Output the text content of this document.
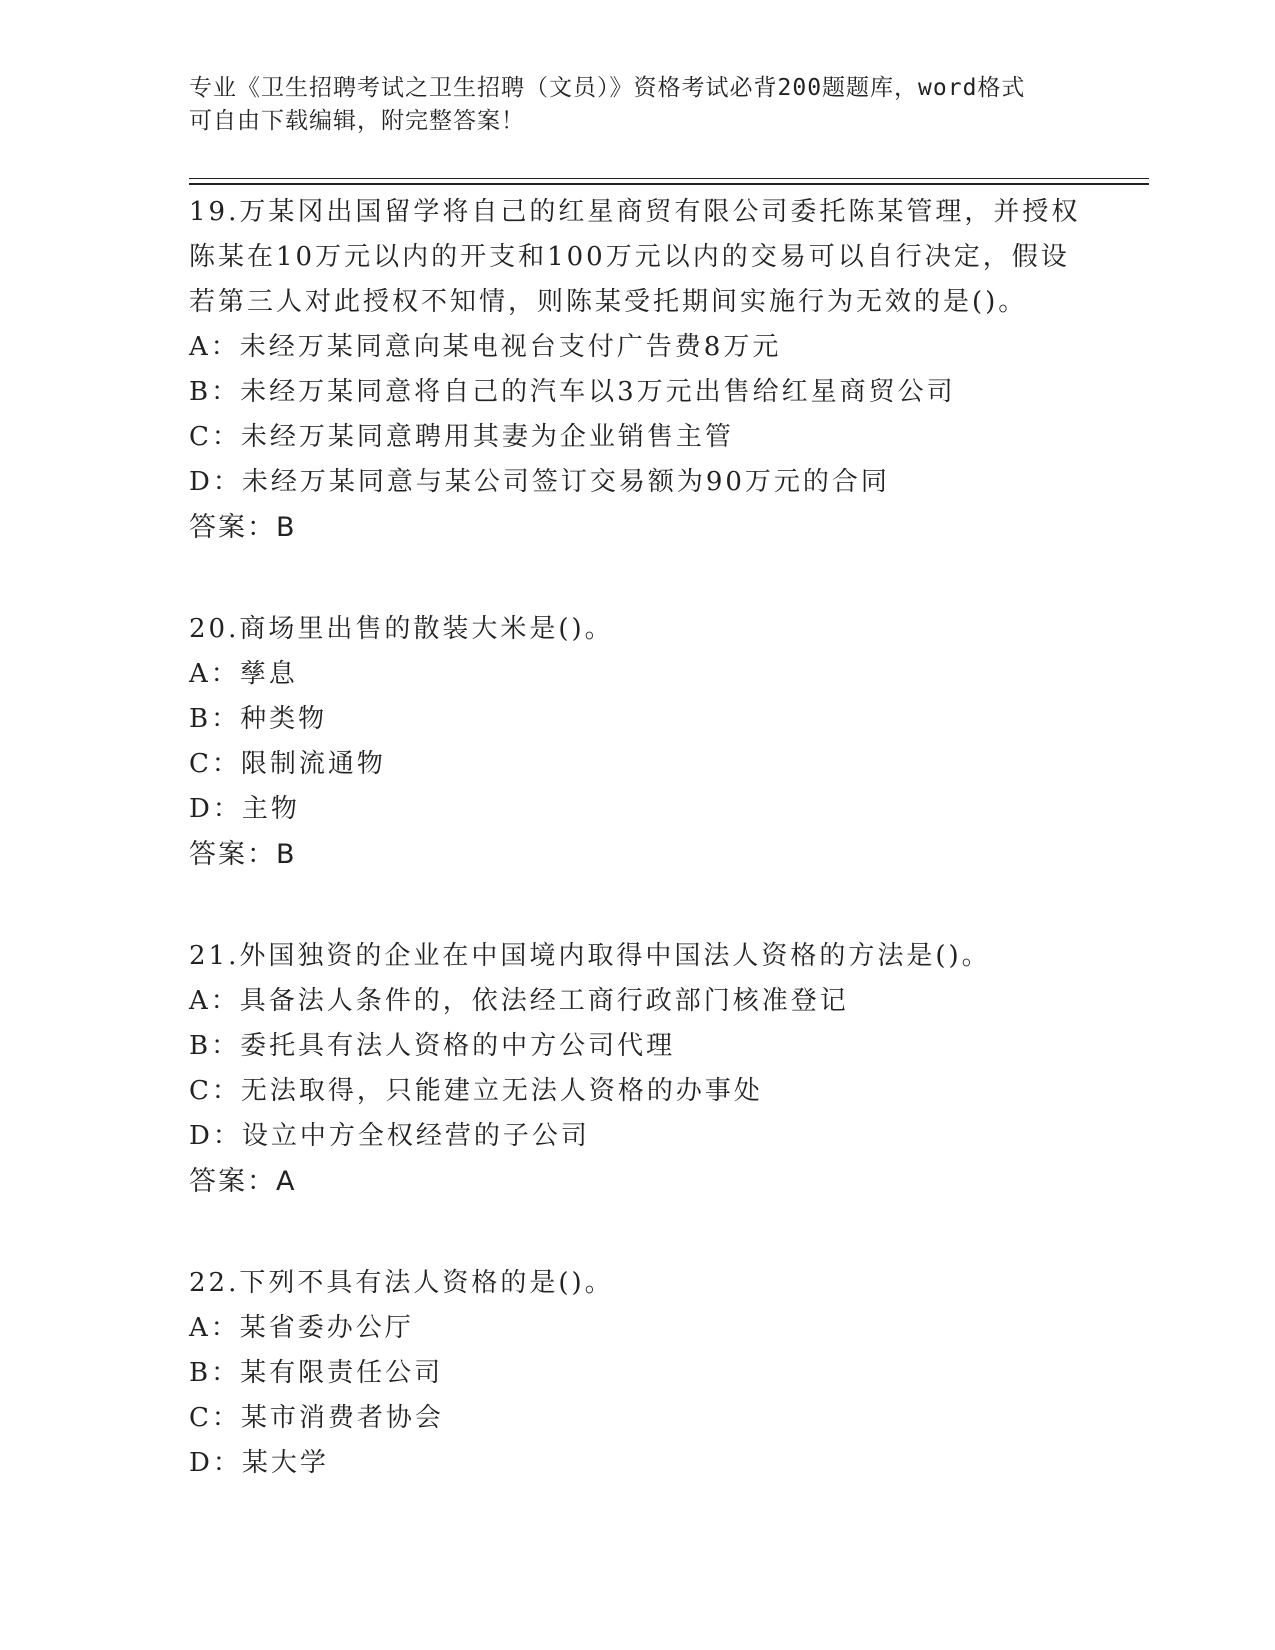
专业《卫生招聘考试之卫生招聘（文员）》资格考试必背200题题库，word格式
可自由下载编辑，附完整答案！
19.万某冈出国留学将自己的红星商贸有限公司委托陈某管理，并授权陈某在10万元以内的开支和100万元以内的交易可以自行决定，假设若第三人对此授权不知情，则陈某受托期间实施行为无效的是()。
A：未经万某同意向某电视台支付广告费8万元
B：未经万某同意将自己的汽车以3万元出售给红星商贸公司
C：未经万某同意聘用其妻为企业销售主管
D：未经万某同意与某公司签订交易额为90万元的合同
答案：B
20.商场里出售的散装大米是()。
A：孳息
B：种类物
C：限制流通物
D：主物
答案：B
21.外国独资的企业在中国境内取得中国法人资格的方法是()。
A：具备法人条件的，依法经工商行政部门核准登记
B：委托具有法人资格的中方公司代理
C：无法取得，只能建立无法人资格的办事处
D：设立中方全权经营的子公司
答案：A
22.下列不具有法人资格的是()。
A：某省委办公厅
B：某有限责任公司
C：某市消费者协会
D：某大学
